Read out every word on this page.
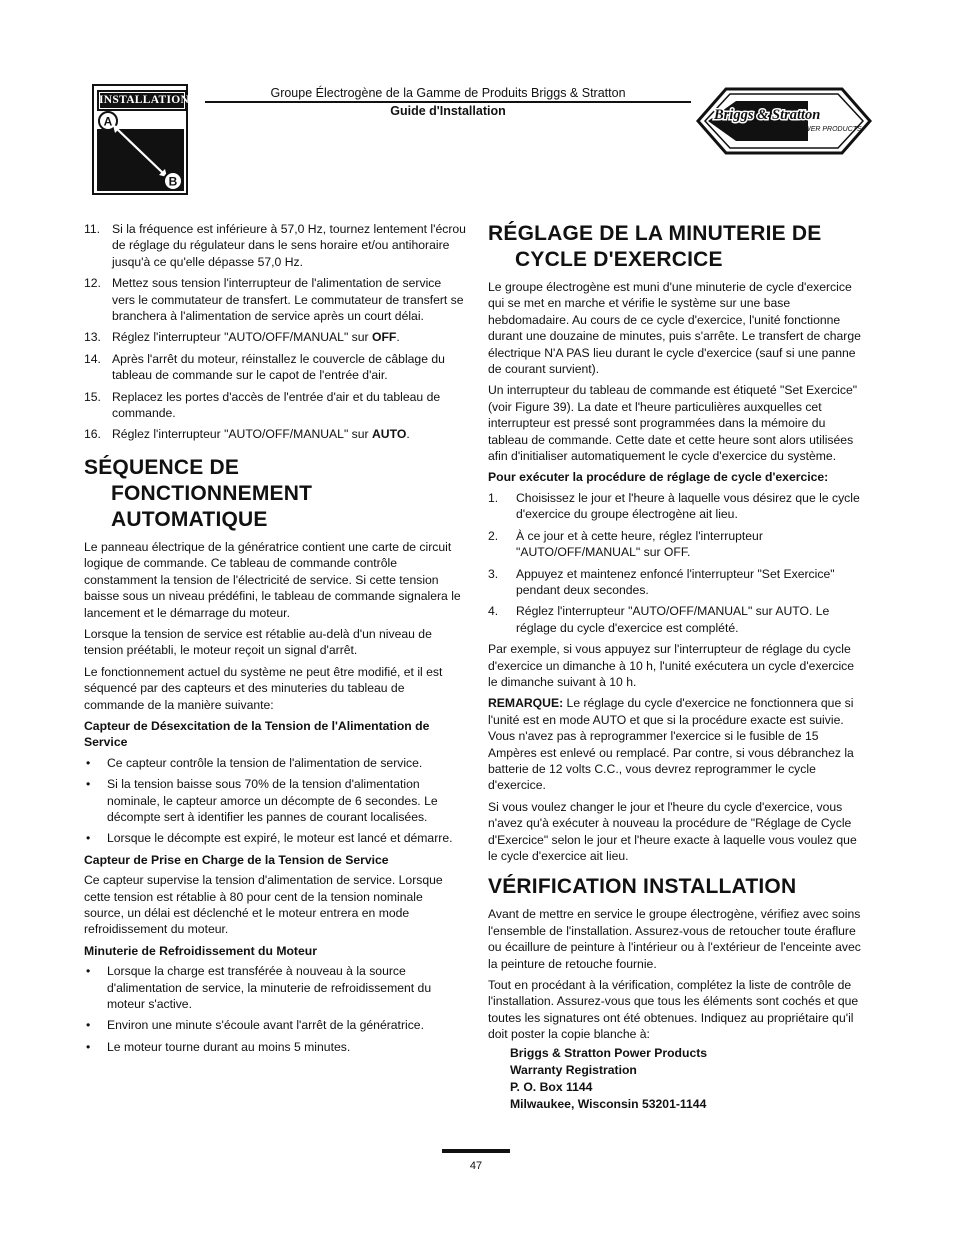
INSTALLATION
A
B
Groupe Électrogène de la Gamme de Produits Briggs & Stratton
Guide d'Installation	Briggs & Stratton
POWER PRODUCTS
11. Si la fréquence est inférieure à 57,0 Hz, tournez lentement l'écrou de réglage du régulateur dans le sens horaire et/ou antihoraire jusqu'à ce qu'elle dépasse 57,0 Hz.
12. Mettez sous tension l'interrupteur de l'alimentation de service vers le commutateur de transfert. Le commutateur de transfert se branchera à l'alimentation de service après un court délai.
13. Réglez l'interrupteur "AUTO/OFF/MANUAL" sur OFF.
14. Après l'arrêt du moteur, réinstallez le couvercle de câblage du tableau de commande sur le capot de l'entrée d'air.
15. Replacez les portes d'accès de l'entrée d'air et du tableau de commande.
16. Réglez l'interrupteur "AUTO/OFF/MANUAL" sur AUTO.
SÉQUENCE DE
FONCTIONNEMENT
AUTOMATIQUE

Le panneau électrique de la génératrice contient une carte de circuit logique de commande. Ce tableau de commande contrôle constamment la tension de l'électricité de service. Si cette tension baisse sous un niveau prédéfini, le tableau de commande signalera le lancement et le démarrage du moteur.

Lorsque la tension de service est rétablie au-delà d'un niveau de tension préétabli, le moteur reçoit un signal d'arrêt.

Le fonctionnement actuel du système ne peut être modifié, et il est séquencé par des capteurs et des minuteries du tableau de commande de la manière suivante:

Capteur de Désexcitation de la Tension de l'Alimentation de Service
• Ce capteur contrôle la tension de l'alimentation de service.
• Si la tension baisse sous 70% de la tension d'alimentation nominale, le capteur amorce un décompte de 6 secondes. Le décompte sert à identifier les pannes de courant localisées.
• Lorsque le décompte est expiré, le moteur est lancé et démarre.
Capteur de Prise en Charge de la Tension de Service

Ce capteur supervise la tension d'alimentation de service. Lorsque cette tension est rétablie à 80 pour cent de la tension nominale source, un délai est déclenché et le moteur entrera en mode refroidissement du moteur.

Minuterie de Refroidissement du Moteur
• Lorsque la charge est transférée à nouveau à la source d'alimentation de service, la minuterie de refroidissement du moteur s'active.
• Environ une minute s'écoule avant l'arrêt de la génératrice.
• Le moteur tourne durant au moins 5 minutes.
RÉGLAGE DE LA MINUTERIE DE
CYCLE D'EXERCICE

Le groupe électrogène est muni d'une minuterie de cycle d'exercice qui se met en marche et vérifie le système sur une base hebdomadaire. Au cours de ce cycle d'exercice, l'unité fonctionne durant une douzaine de minutes, puis s'arrête. Le transfert de charge électrique N'A PAS lieu durant le cycle d'exercice (sauf si une panne de courant survient).

Un interrupteur du tableau de commande est étiqueté "Set Exercice" (voir Figure 39). La date et l'heure particulières auxquelles cet interrupteur est pressé sont programmées dans la mémoire du tableau de commande. Cette date et cette heure sont alors utilisées afin d'initialiser automatiquement le cycle d'exercice du système.

Pour exécuter la procédure de réglage de cycle d'exercice:
1. Choisissez le jour et l'heure à laquelle vous désirez que le cycle d'exercice du groupe électrogène ait lieu.
2. À ce jour et à cette heure, réglez l'interrupteur "AUTO/OFF/MANUAL" sur OFF.
3. Appuyez et maintenez enfoncé l'interrupteur "Set Exercice" pendant deux secondes.
4. Réglez l'interrupteur "AUTO/OFF/MANUAL" sur AUTO. Le réglage du cycle d'exercice est complété.

Par exemple, si vous appuyez sur l'interrupteur de réglage du cycle d'exercice un dimanche à 10 h, l'unité exécutera un cycle d'exercice le dimanche suivant à 10 h.

REMARQUE: Le réglage du cycle d'exercice ne fonctionnera que si l'unité est en mode AUTO et que si la procédure exacte est suivie. Vous n'avez pas à reprogrammer l'exercice si le fusible de 15 Ampères est enlevé ou remplacé. Par contre, si vous débranchez la batterie de 12 volts C.C., vous devrez reprogrammer le cycle d'exercice.

Si vous voulez changer le jour et l'heure du cycle d'exercice, vous n'avez qu'à exécuter à nouveau la procédure de "Réglage de Cycle d'Exercice" selon le jour et l'heure exacte à laquelle vous voulez que le cycle d'exercice ait lieu.

VÉRIFICATION INSTALLATION

Avant de mettre en service le groupe électrogène, vérifiez avec soins l'ensemble de l'installation. Assurez-vous de retoucher toute éraflure ou écaillure de peinture à l'intérieur ou à l'extérieur de l'enceinte avec la peinture de retouche fournie.

Tout en procédant à la vérification, complétez la liste de contrôle de l'installation. Assurez-vous que tous les éléments sont cochés et que toutes les signatures ont été obtenues. Indiquez au propriétaire qu'il doit poster la copie blanche à:

Briggs & Stratton Power Products
Warranty Registration
P. O. Box 1144
Milwaukee, Wisconsin 53201-1144
47
